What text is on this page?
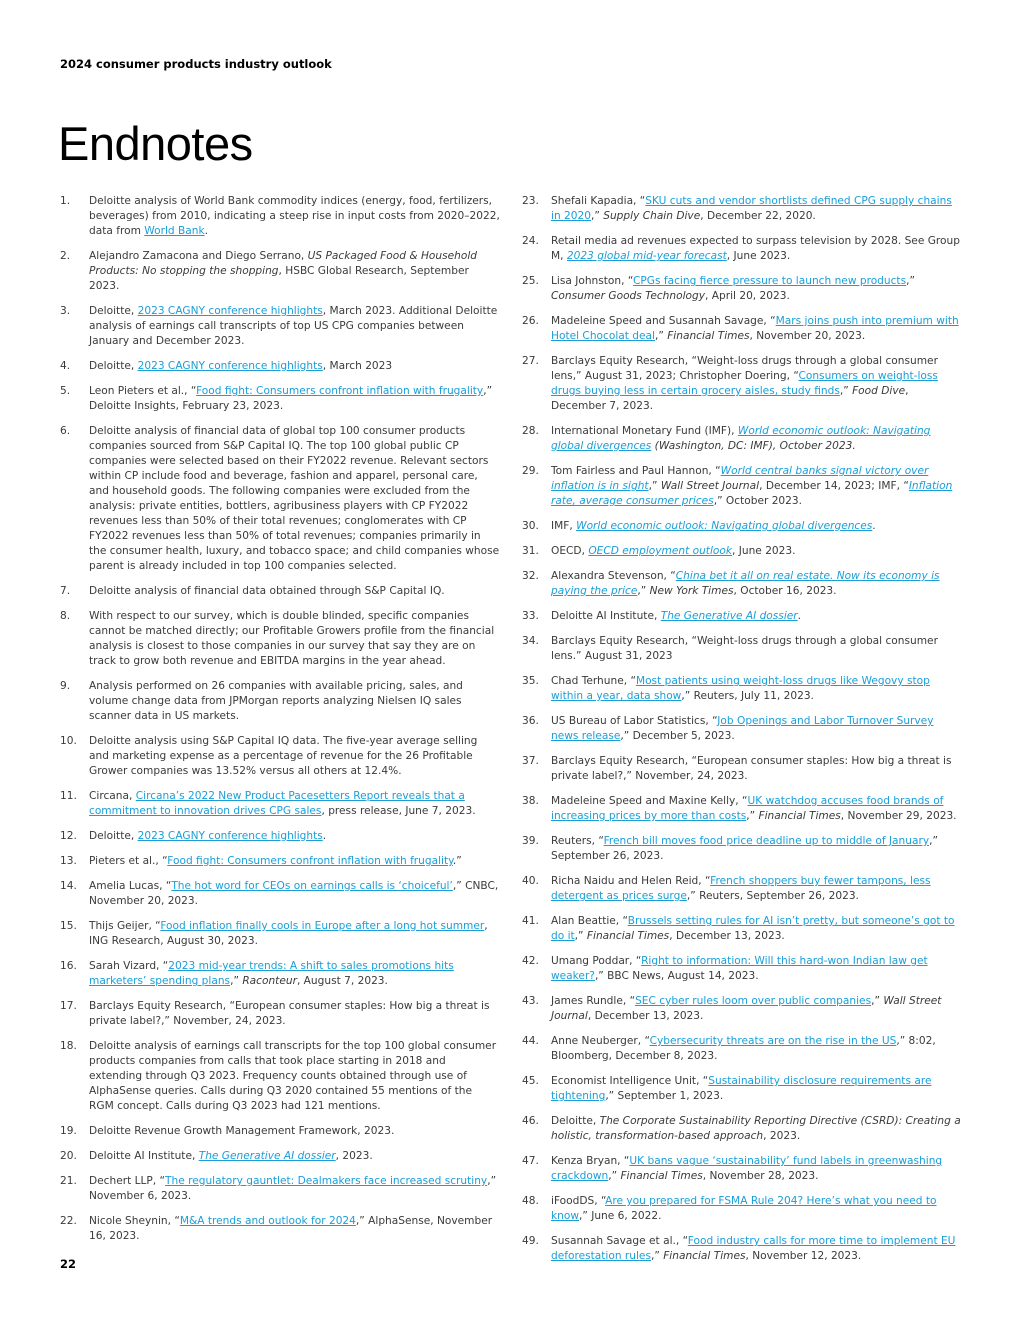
2024 consumer products industry outlook
Endnotes
1. Deloitte analysis of World Bank commodity indices (energy, food, fertilizers, beverages) from 2010, indicating a steep rise in input costs from 2020–2022, data from World Bank.
2. Alejandro Zamacona and Diego Serrano, US Packaged Food & Household Products: No stopping the shopping, HSBC Global Research, September 2023.
3. Deloitte, 2023 CAGNY conference highlights, March 2023. Additional Deloitte analysis of earnings call transcripts of top US CPG companies between January and December 2023.
4. Deloitte, 2023 CAGNY conference highlights, March 2023
5. Leon Pieters et al., “Food fight: Consumers confront inflation with frugality,” Deloitte Insights, February 23, 2023.
6. Deloitte analysis of financial data of global top 100 consumer products companies sourced from S&P Capital IQ. The top 100 global public CP companies were selected based on their FY2022 revenue. Relevant sectors within CP include food and beverage, fashion and apparel, personal care, and household goods. The following companies were excluded from the analysis: private entities, bottlers, agribusiness players with CP FY2022 revenues less than 50% of their total revenues; conglomerates with CP FY2022 revenues less than 50% of total revenues; companies primarily in the consumer health, luxury, and tobacco space; and child companies whose parent is already included in top 100 companies selected.
7. Deloitte analysis of financial data obtained through S&P Capital IQ.
8. With respect to our survey, which is double blinded, specific companies cannot be matched directly; our Profitable Growers profile from the financial analysis is closest to those companies in our survey that say they are on track to grow both revenue and EBITDA margins in the year ahead.
9. Analysis performed on 26 companies with available pricing, sales, and volume change data from JPMorgan reports analyzing Nielsen IQ sales scanner data in US markets.
10. Deloitte analysis using S&P Capital IQ data. The five-year average selling and marketing expense as a percentage of revenue for the 26 Profitable Grower companies was 13.52% versus all others at 12.4%.
11. Circana, Circana’s 2022 New Product Pacesetters Report reveals that a commitment to innovation drives CPG sales, press release, June 7, 2023.
12. Deloitte, 2023 CAGNY conference highlights.
13. Pieters et al., “Food fight: Consumers confront inflation with frugality.”
14. Amelia Lucas, “The hot word for CEOs on earnings calls is ‘choiceful’,” CNBC, November 20, 2023.
15. Thijs Geijer, “Food inflation finally cools in Europe after a long hot summer, ING Research, August 30, 2023.
16. Sarah Vizard, “2023 mid-year trends: A shift to sales promotions hits marketers’ spending plans,” Raconteur, August 7, 2023.
17. Barclays Equity Research, “European consumer staples: How big a threat is private label?,” November, 24, 2023.
18. Deloitte analysis of earnings call transcripts for the top 100 global consumer products companies from calls that took place starting in 2018 and extending through Q3 2023. Frequency counts obtained through use of AlphaSense queries. Calls during Q3 2020 contained 55 mentions of the RGM concept. Calls during Q3 2023 had 121 mentions.
19. Deloitte Revenue Growth Management Framework, 2023.
20. Deloitte AI Institute, The Generative AI dossier, 2023.
21. Dechert LLP, “The regulatory gauntlet: Dealmakers face increased scrutiny,” November 6, 2023.
22. Nicole Sheynin, “M&A trends and outlook for 2024,” AlphaSense, November 16, 2023.
23. Shefali Kapadia, “SKU cuts and vendor shortlists defined CPG supply chains in 2020,” Supply Chain Dive, December 22, 2020.
24. Retail media ad revenues expected to surpass television by 2028. See Group M, 2023 global mid-year forecast, June 2023.
25. Lisa Johnston, “CPGs facing fierce pressure to launch new products,” Consumer Goods Technology, April 20, 2023.
26. Madeleine Speed and Susannah Savage, “Mars joins push into premium with Hotel Chocolat deal,” Financial Times, November 20, 2023.
27. Barclays Equity Research, “Weight-loss drugs through a global consumer lens,” August 31, 2023; Christopher Doering, “Consumers on weight-loss drugs buying less in certain grocery aisles, study finds,” Food Dive, December 7, 2023.
28. International Monetary Fund (IMF), World economic outlook: Navigating global divergences (Washington, DC: IMF), October 2023.
29. Tom Fairless and Paul Hannon, “World central banks signal victory over inflation is in sight,” Wall Street Journal, December 14, 2023; IMF, “Inflation rate, average consumer prices,” October 2023.
30. IMF, World economic outlook: Navigating global divergences.
31. OECD, OECD employment outlook, June 2023.
32. Alexandra Stevenson, “China bet it all on real estate. Now its economy is paying the price,” New York Times, October 16, 2023.
33. Deloitte AI Institute, The Generative AI dossier.
34. Barclays Equity Research, “Weight-loss drugs through a global consumer lens.” August 31, 2023
35. Chad Terhune, “Most patients using weight-loss drugs like Wegovy stop within a year, data show,” Reuters, July 11, 2023.
36. US Bureau of Labor Statistics, “Job Openings and Labor Turnover Survey news release,” December 5, 2023.
37. Barclays Equity Research, “European consumer staples: How big a threat is private label?,” November, 24, 2023.
38. Madeleine Speed and Maxine Kelly, “UK watchdog accuses food brands of increasing prices by more than costs,” Financial Times, November 29, 2023.
39. Reuters, “French bill moves food price deadline up to middle of January,” September 26, 2023.
40. Richa Naidu and Helen Reid, “French shoppers buy fewer tampons, less detergent as prices surge,” Reuters, September 26, 2023.
41. Alan Beattie, “Brussels setting rules for AI isn’t pretty, but someone’s got to do it,” Financial Times, December 13, 2023.
42. Umang Poddar, “Right to information: Will this hard-won Indian law get weaker?,” BBC News, August 14, 2023.
43. James Rundle, “SEC cyber rules loom over public companies,” Wall Street Journal, December 13, 2023.
44. Anne Neuberger, “Cybersecurity threats are on the rise in the US,” 8:02, Bloomberg, December 8, 2023.
45. Economist Intelligence Unit, “Sustainability disclosure requirements are tightening,” September 1, 2023.
46. Deloitte, The Corporate Sustainability Reporting Directive (CSRD): Creating a holistic, transformation-based approach, 2023.
47. Kenza Bryan, “UK bans vague ‘sustainability’ fund labels in greenwashing crackdown,” Financial Times, November 28, 2023.
48. iFoodDS, “Are you prepared for FSMA Rule 204? Here’s what you need to know,” June 6, 2022.
49. Susannah Savage et al., “Food industry calls for more time to implement EU deforestation rules,” Financial Times, November 12, 2023.
22
